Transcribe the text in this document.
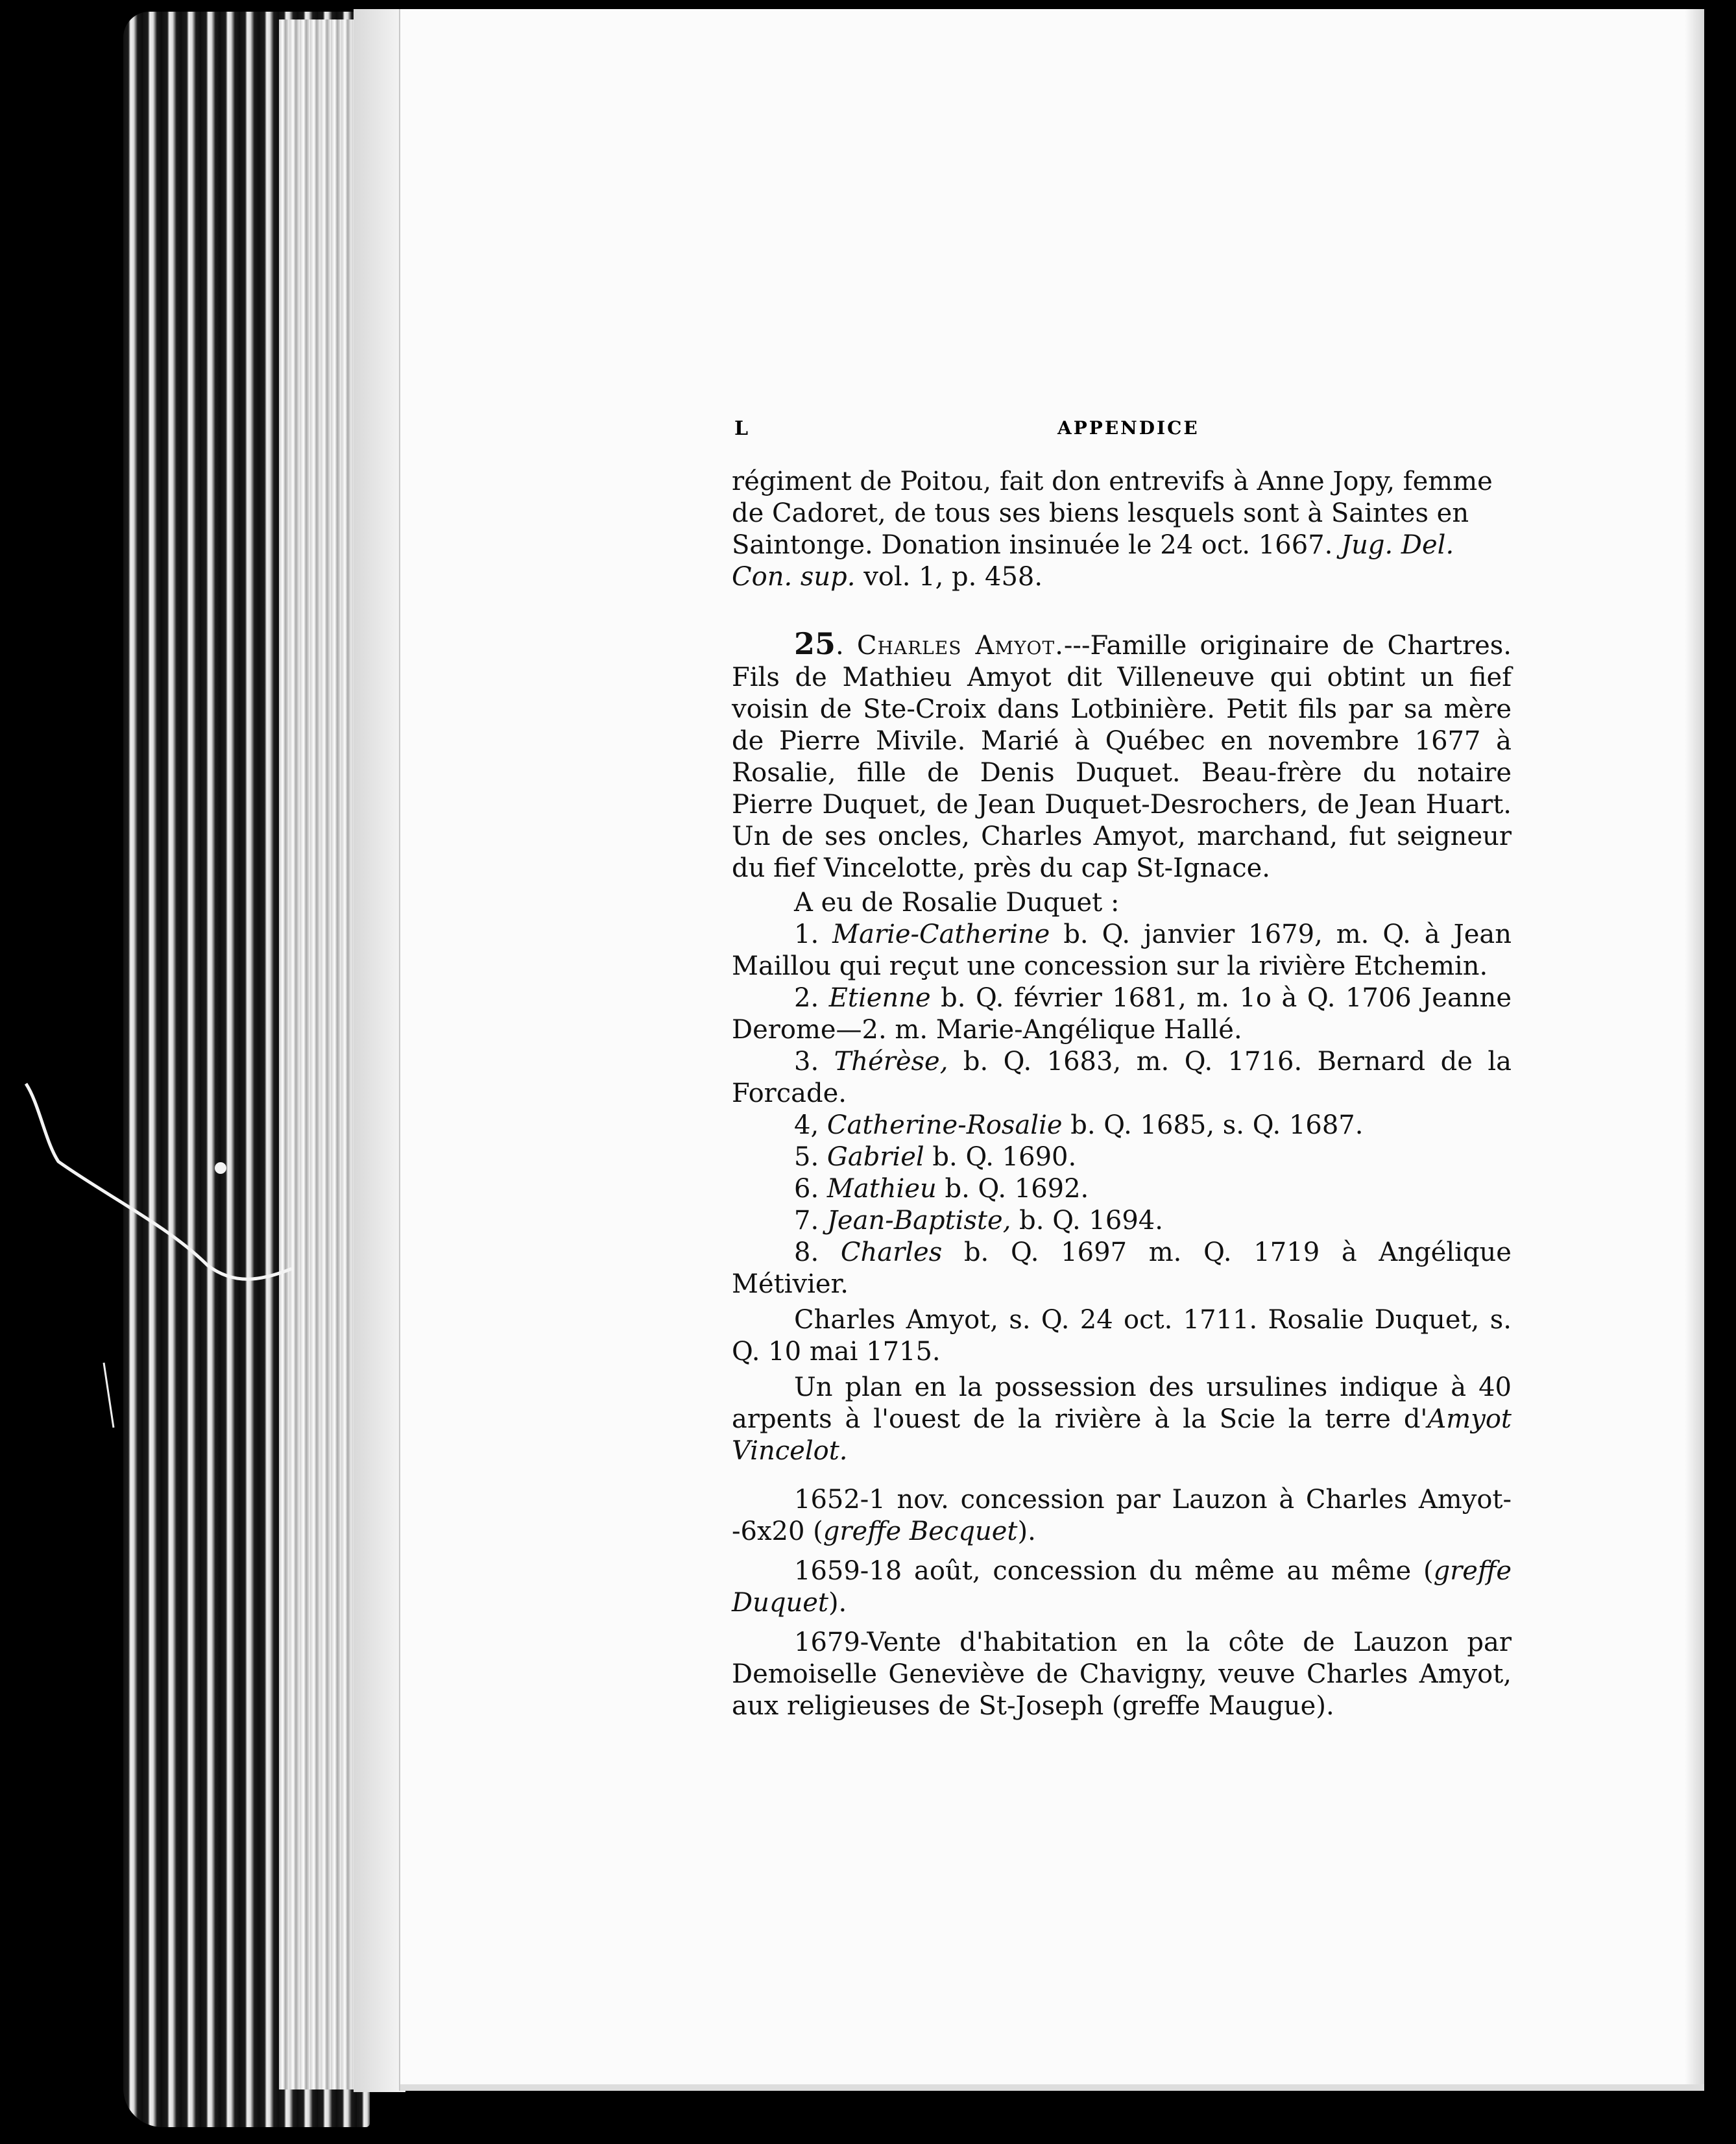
L	APPENDICE

régiment de Poitou, fait don entrevifs à Anne Jopy, femme

de Cadoret, de tous ses biens lesquels sont à Saintes en

Saintonge. Donation insinuée le 24 oct. 1667. Jug. Del.

Con. sup. vol. 1, p. 458.

25. Charles Amyot.---Famille originaire de Chartres. Fils de Mathieu Amyot dit Villeneuve qui obtint un fief voisin de Ste-Croix dans Lotbinière. Petit fils par sa mère de Pierre Mivile. Marié à Québec en novembre 1677 à Rosalie, fille de Denis Duquet. Beau-frère du notaire Pierre Duquet, de Jean Duquet-Desrochers, de Jean Huart. Un de ses oncles, Charles Amyot, marchand, fut seigneur du fief Vincelotte, près du cap St-Ignace.

A eu de Rosalie Duquet :

1. Marie-Catherine b. Q. janvier 1679, m. Q. à Jean Maillou qui reçut une concession sur la rivière Etchemin.
2. Etienne b. Q. février 1681, m. 1o à Q. 1706 Jeanne Derome—2. m. Marie-Angélique Hallé.
3. Thérèse, b. Q. 1683, m. Q. 1716. Bernard de la Forcade.
4, Catherine-Rosalie b. Q. 1685, s. Q. 1687.
5. Gabriel b. Q. 1690.
6. Mathieu b. Q. 1692.
7. Jean-Baptiste, b. Q. 1694.
8. Charles b. Q. 1697 m. Q. 1719 à Angélique Métivier.

Charles Amyot, s. Q. 24 oct. 1711. Rosalie Duquet, s. Q. 10 mai 1715.

Un plan en la possession des ursulines indique à 40 arpents à l'ouest de la rivière à la Scie la terre d'Amyot Vincelot.

1652-1 nov. concession par Lauzon à Charles Amyot--6x20 (greffe Becquet).

1659-18 août, concession du même au même (greffe Duquet).

1679-Vente d'habitation en la côte de Lauzon par Demoiselle Geneviève de Chavigny, veuve Charles Amyot, aux religieuses de St-Joseph (greffe Maugue).
